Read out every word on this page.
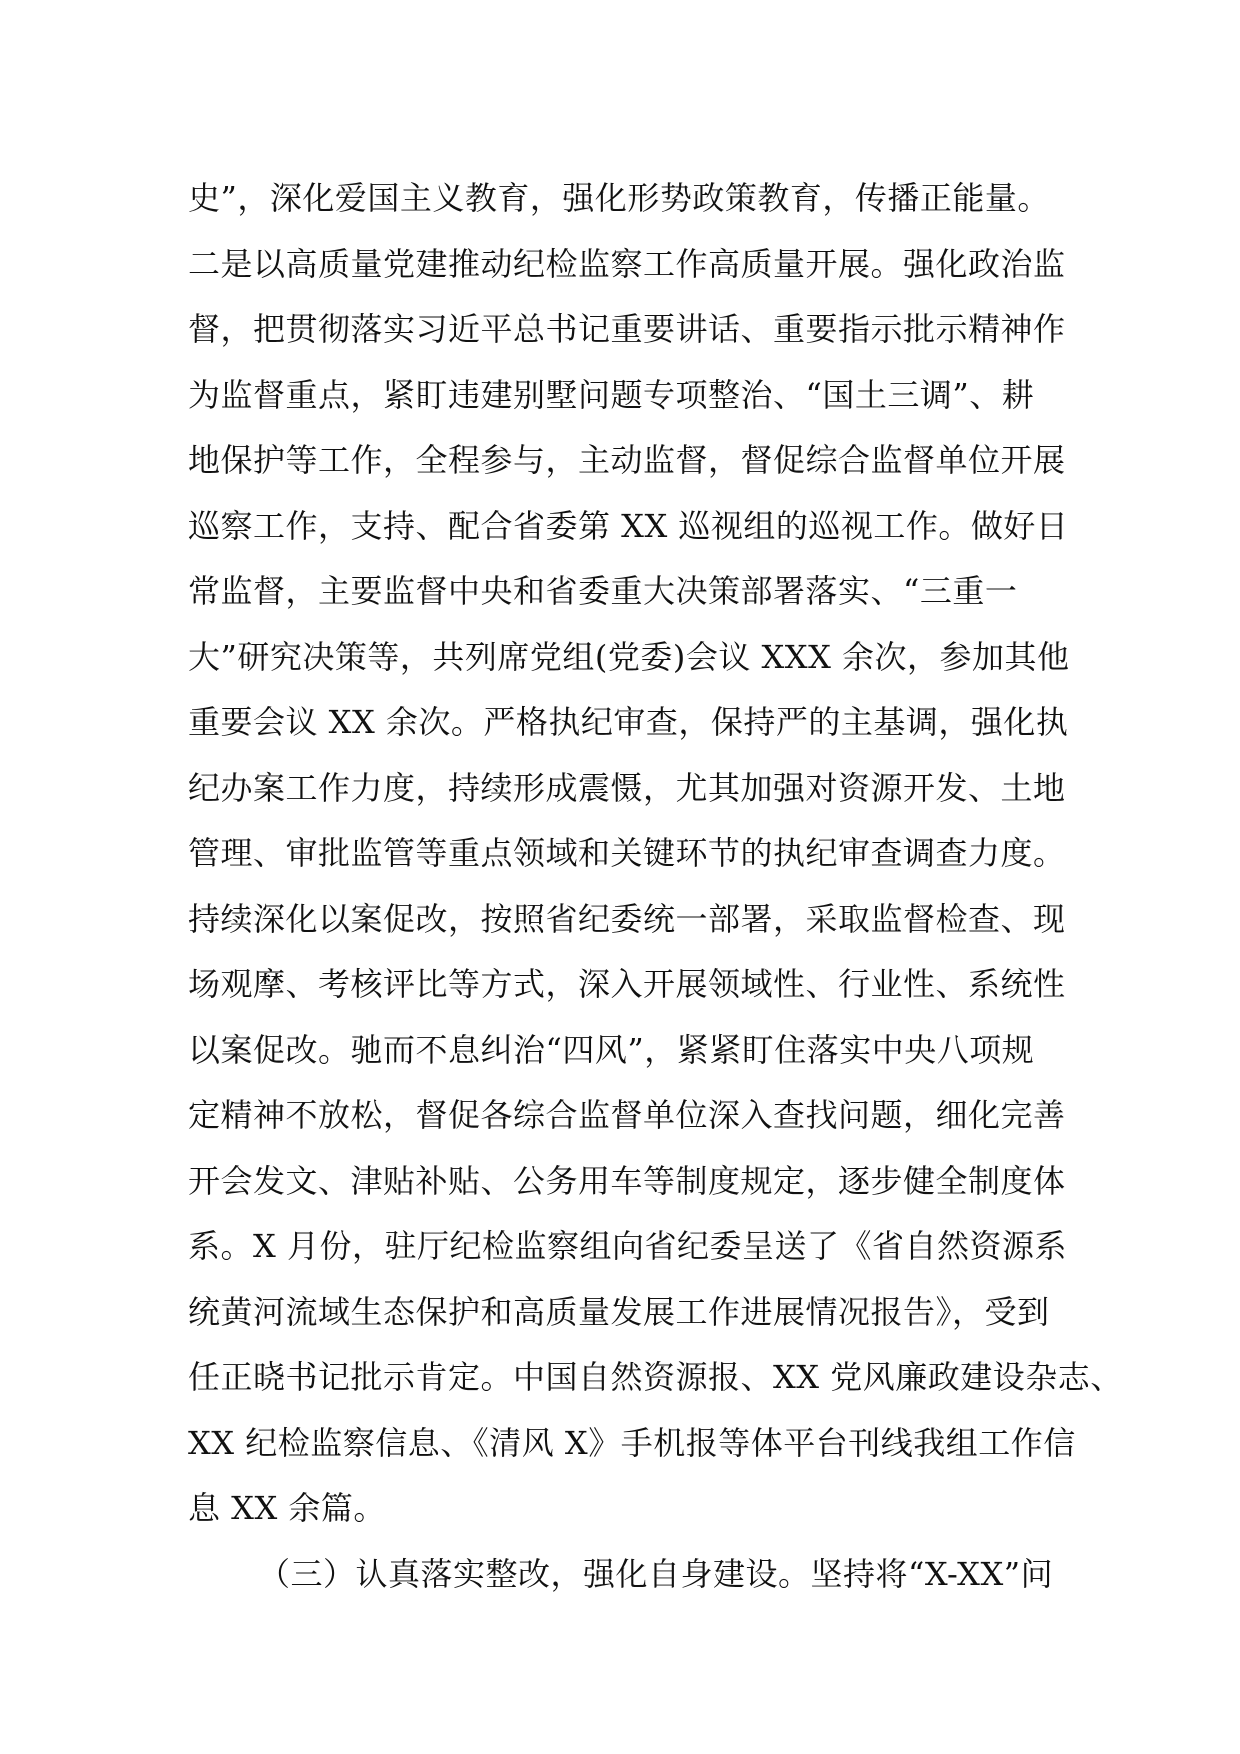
史”，深化爱国主义教育，强化形势政策教育，传播正能量。
二是以高质量党建推动纪检监察工作高质量开展。强化政治监
督，把贯彻落实习近平总书记重要讲话、重要指示批示精神作
为监督重点，紧盯违建别墅问题专项整治、“国土三调”、耕
地保护等工作，全程参与，主动监督，督促综合监督单位开展
巡察工作，支持、配合省委第 XX 巡视组的巡视工作。做好日
常监督，主要监督中央和省委重大决策部署落实、“三重一
大”研究决策等，共列席党组(党委)会议 XXX 余次，参加其他
重要会议 XX 余次。严格执纪审查，保持严的主基调，强化执
纪办案工作力度，持续形成震慑，尤其加强对资源开发、土地
管理、审批监管等重点领域和关键环节的执纪审查调查力度。
持续深化以案促改，按照省纪委统一部署，采取监督检查、现
场观摩、考核评比等方式，深入开展领域性、行业性、系统性
以案促改。驰而不息纠治“四风”，紧紧盯住落实中央八项规
定精神不放松，督促各综合监督单位深入查找问题，细化完善
开会发文、津贴补贴、公务用车等制度规定，逐步健全制度体
系。X 月份，驻厅纪检监察组向省纪委呈送了《省自然资源系
统黄河流域生态保护和高质量发展工作进展情况报告》，受到
任正晓书记批示肯定。中国自然资源报、XX 党风廉政建设杂志、
XX 纪检监察信息、《清风 X》手机报等体平台刊线我组工作信
息 XX 余篇。
（三）认真落实整改，强化自身建设。坚持将“X-XX”问
